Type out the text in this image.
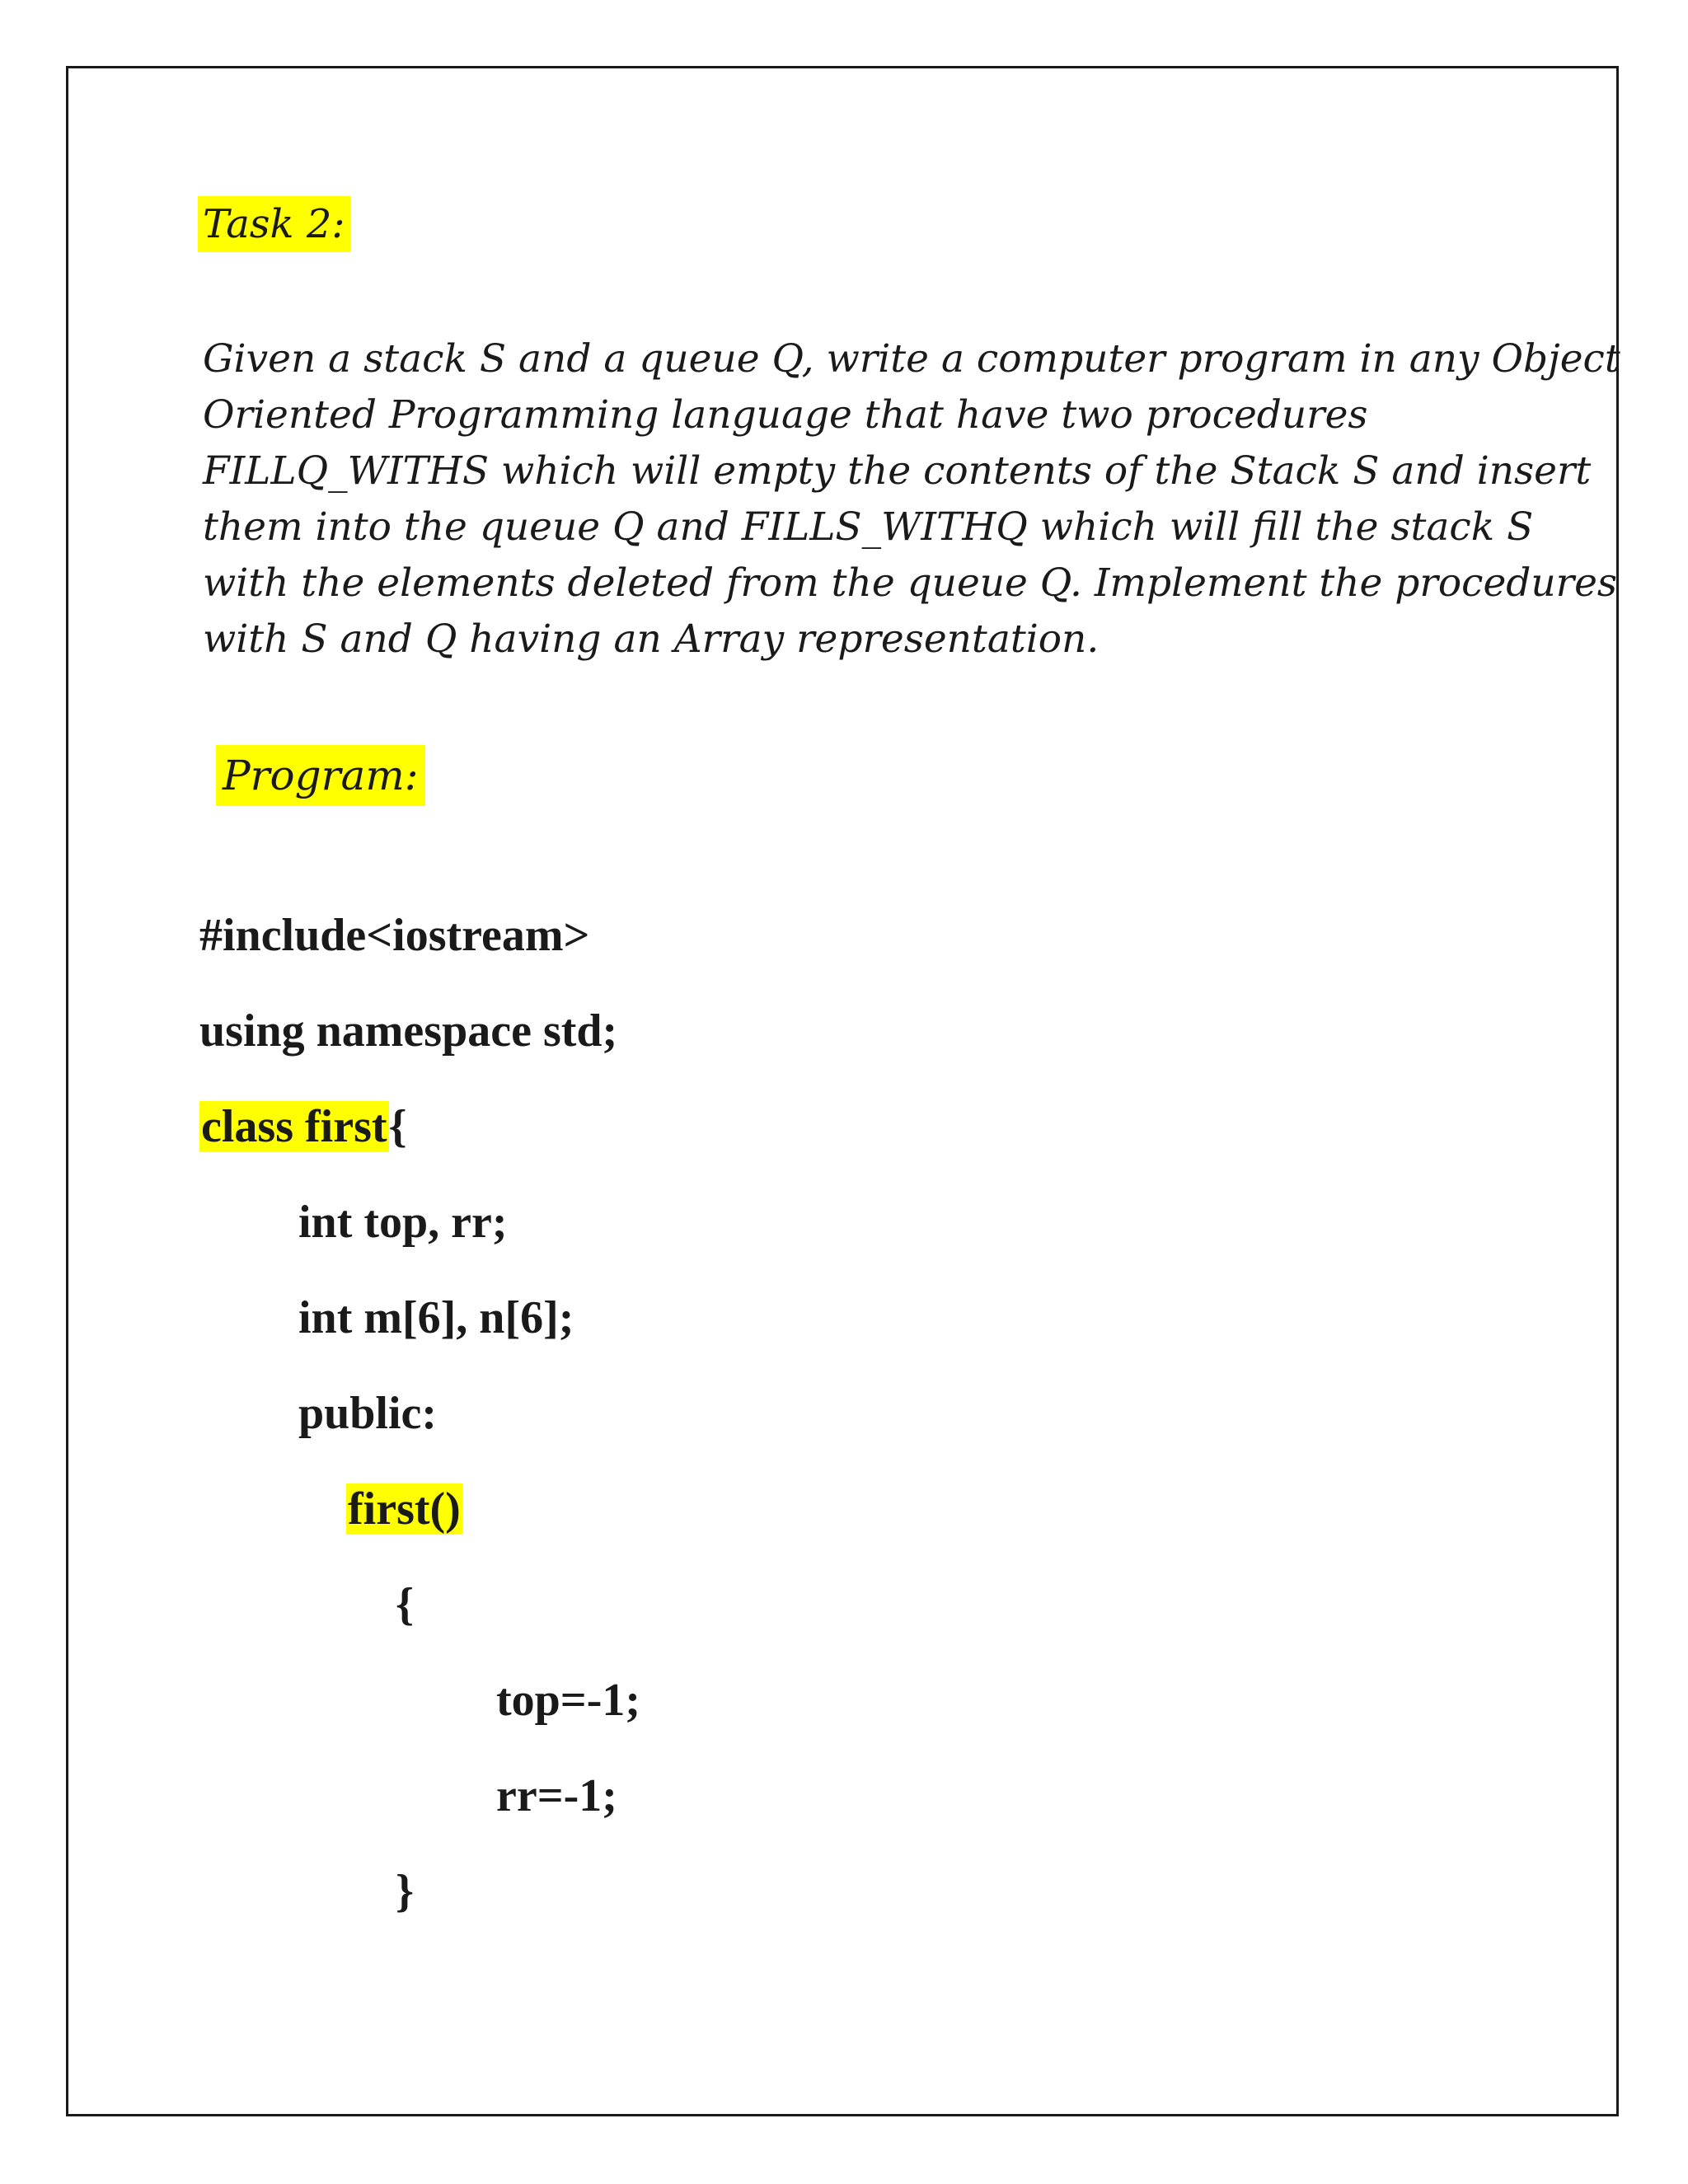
Task 2:
Given a stack S and a queue Q, write a computer program in any Object
Oriented Programming language that have two procedures
FILLQ_WITHS which will empty the contents of the Stack S and insert
them into the queue Q and FILLS_WITHQ which will fill the stack S
with the elements deleted from the queue Q. Implement the procedures
with S and Q having an Array representation.
Program:
#include<iostream>
using namespace std;
class first{
int top, rr;
int m[6], n[6];
public:
first()
{
top=-1;
rr=-1;
}
